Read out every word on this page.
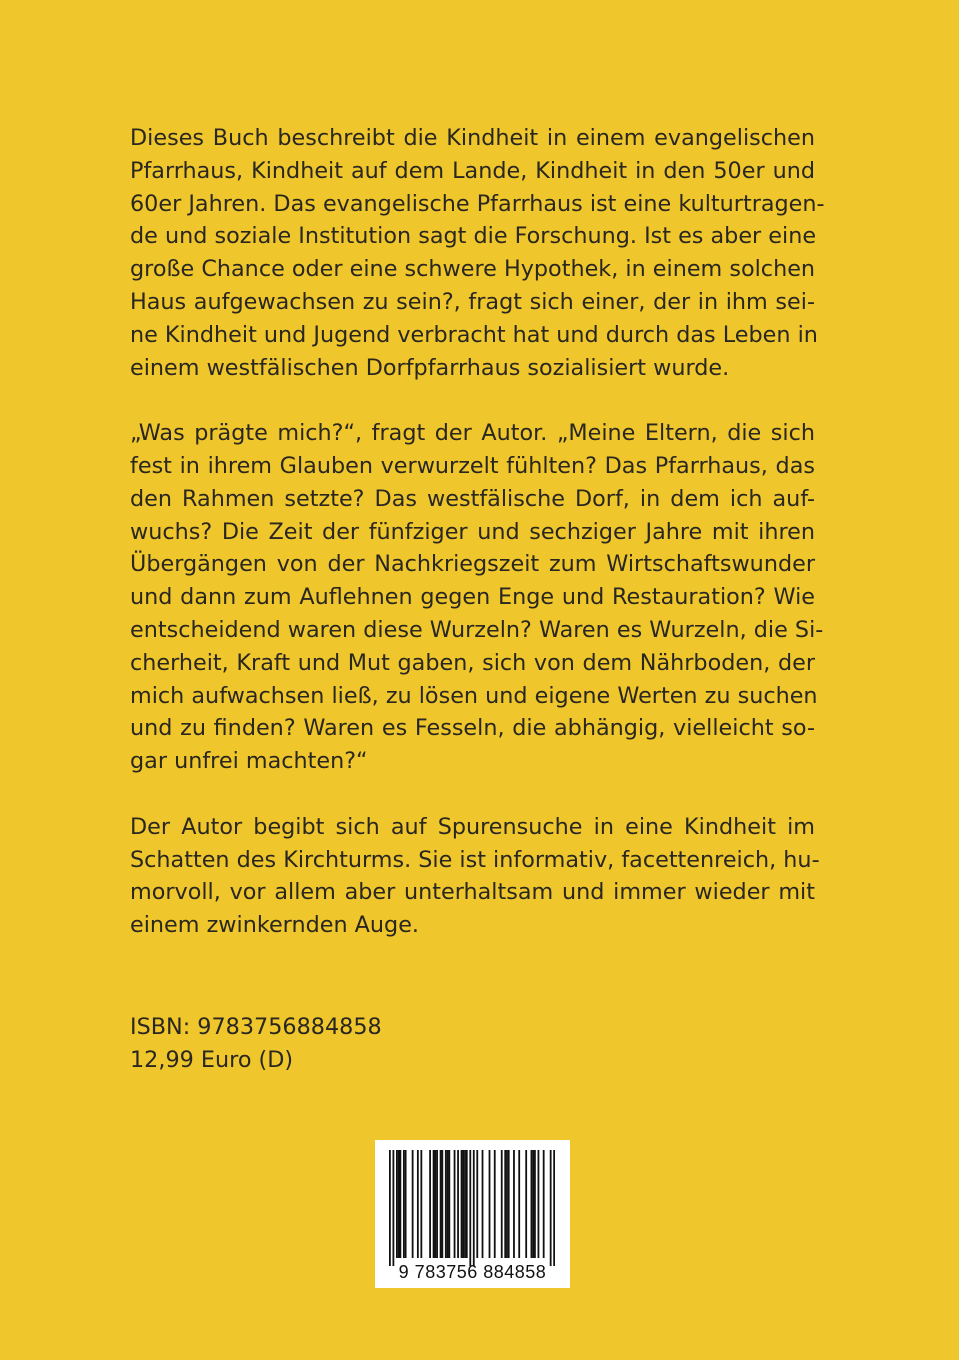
Dieses Buch beschreibt die Kindheit in einem evangelischen
Pfarrhaus, Kindheit auf dem Lande, Kindheit in den 50er und
60er Jahren. Das evangelische Pfarrhaus ist eine kulturtragen-
de und soziale Institution sagt die Forschung. Ist es aber eine
große Chance oder eine schwere Hypothek, in einem solchen
Haus aufgewachsen zu sein?, fragt sich einer, der in ihm sei-
ne Kindheit und Jugend verbracht hat und durch das Leben in
einem westfälischen Dorfpfarrhaus sozialisiert wurde.

„Was prägte mich?“, fragt der Autor. „Meine Eltern, die sich
fest in ihrem Glauben verwurzelt fühlten? Das Pfarrhaus, das
den Rahmen setzte? Das westfälische Dorf, in dem ich auf-
wuchs? Die Zeit der fünfziger und sechziger Jahre mit ihren
Übergängen von der Nachkriegszeit zum Wirtschaftswunder
und dann zum Auflehnen gegen Enge und Restauration? Wie
entscheidend waren diese Wurzeln? Waren es Wurzeln, die Si-
cherheit, Kraft und Mut gaben, sich von dem Nährboden, der
mich aufwachsen ließ, zu lösen und eigene Werten zu suchen
und zu finden? Waren es Fesseln, die abhängig, vielleicht so-
gar unfrei machten?“

Der Autor begibt sich auf Spurensuche in eine Kindheit im
Schatten des Kirchturms. Sie ist informativ, facettenreich, hu-
morvoll, vor allem aber unterhaltsam und immer wieder mit
einem zwinkernden Auge.

ISBN: 9783756884858
12,99 Euro (D)
9 783756 884858
